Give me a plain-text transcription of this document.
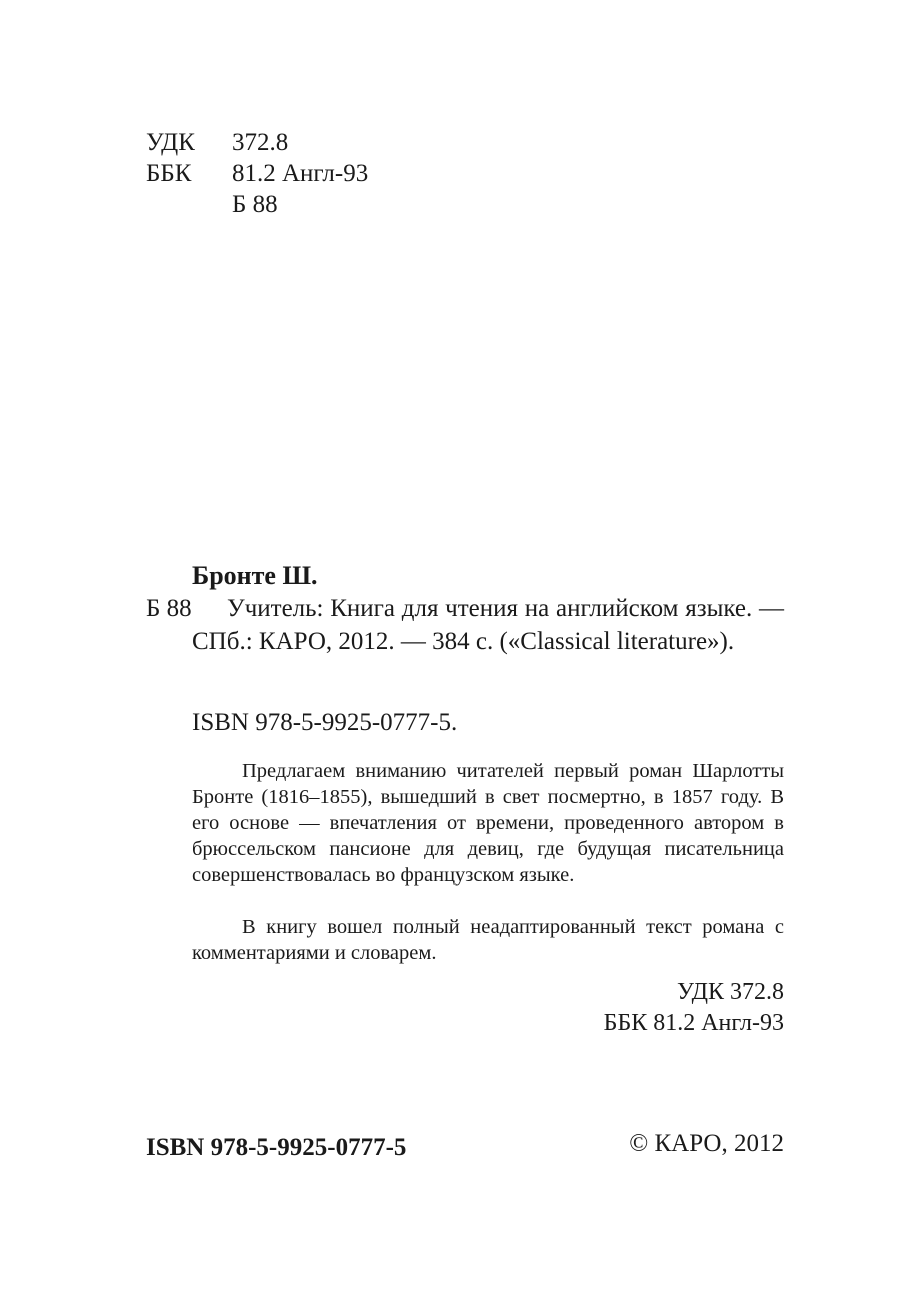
УДК 372.8
ББК 81.2 Англ-93
Б 88
Бронте Ш.
Б 88	Учитель: Книга для чтения на английском языке. — СПб.: КАРО, 2012. — 384 с. («Classical literature»).

ISBN 978-5-9925-0777-5.

Предлагаем вниманию читателей первый роман Шарлотты Бронте (1816–1855), вышедший в свет посмертно, в 1857 году. В его основе — впечатления от времени, проведенного автором в брюссельском пансионе для девиц, где будущая писательница совершенствовалась во французском языке.

В книгу вошел полный неадаптированный текст романа с комментариями и словарем.

УДК 372.8
ББК 81.2 Англ-93
ISBN 978-5-9925-0777-5	© КАРО, 2012
